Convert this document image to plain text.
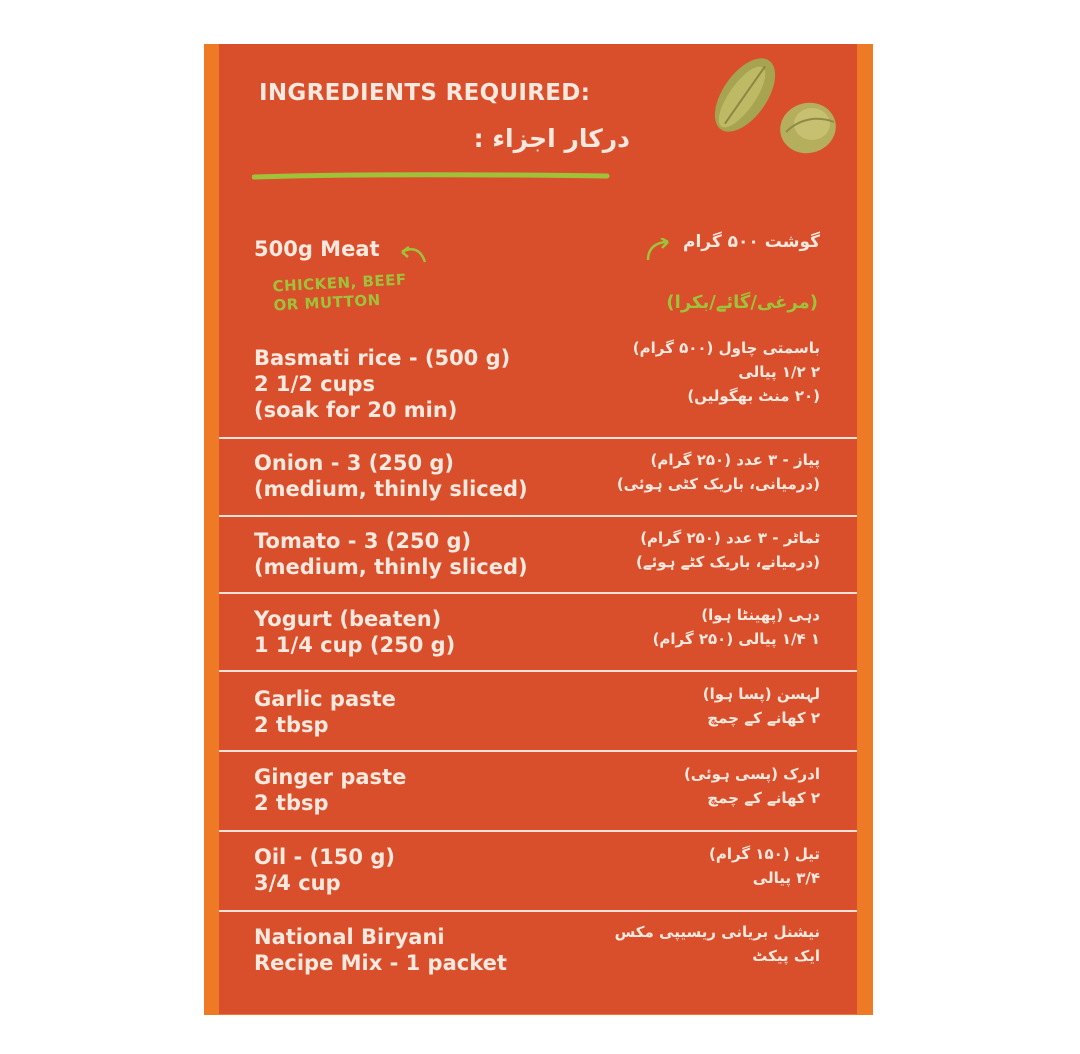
INGREDIENTS REQUIRED:
درکار اجزاء :
500g Meat
CHICKEN, BEEF
OR MUTTON
گوشت ۵۰۰ گرام
(مرغی/گائے/بکرا)
Basmati rice - (500 g)
2 1/2 cups
(soak for 20 min)
باسمتی چاول (۵۰۰ گرام)
۲ ۱/۲ پیالی
(۲۰ منٹ بھگولیں)
Onion - 3 (250 g)
(medium, thinly sliced)
پیاز - ۳ عدد (۲۵۰ گرام)
(درمیانی، باریک کٹی ہوئی)
Tomato - 3 (250 g)
(medium, thinly sliced)
ٹماٹر - ۳ عدد (۲۵۰ گرام)
(درمیانے، باریک کٹے ہوئے)
Yogurt (beaten)
1 1/4 cup (250 g)
دہی (پھینٹا ہوا)
۱ ۱/۴ پیالی (۲۵۰ گرام)
Garlic paste
2 tbsp
لہسن (پسا ہوا)
۲ کھانے کے چمچ
Ginger paste
2 tbsp
ادرک (پسی ہوئی)
۲ کھانے کے چمچ
Oil - (150 g)
3/4 cup
تیل (۱۵۰ گرام)
۳/۴ پیالی
National Biryani
Recipe Mix - 1 packet
نیشنل بریانی ریسیپی مکس
ایک پیکٹ
